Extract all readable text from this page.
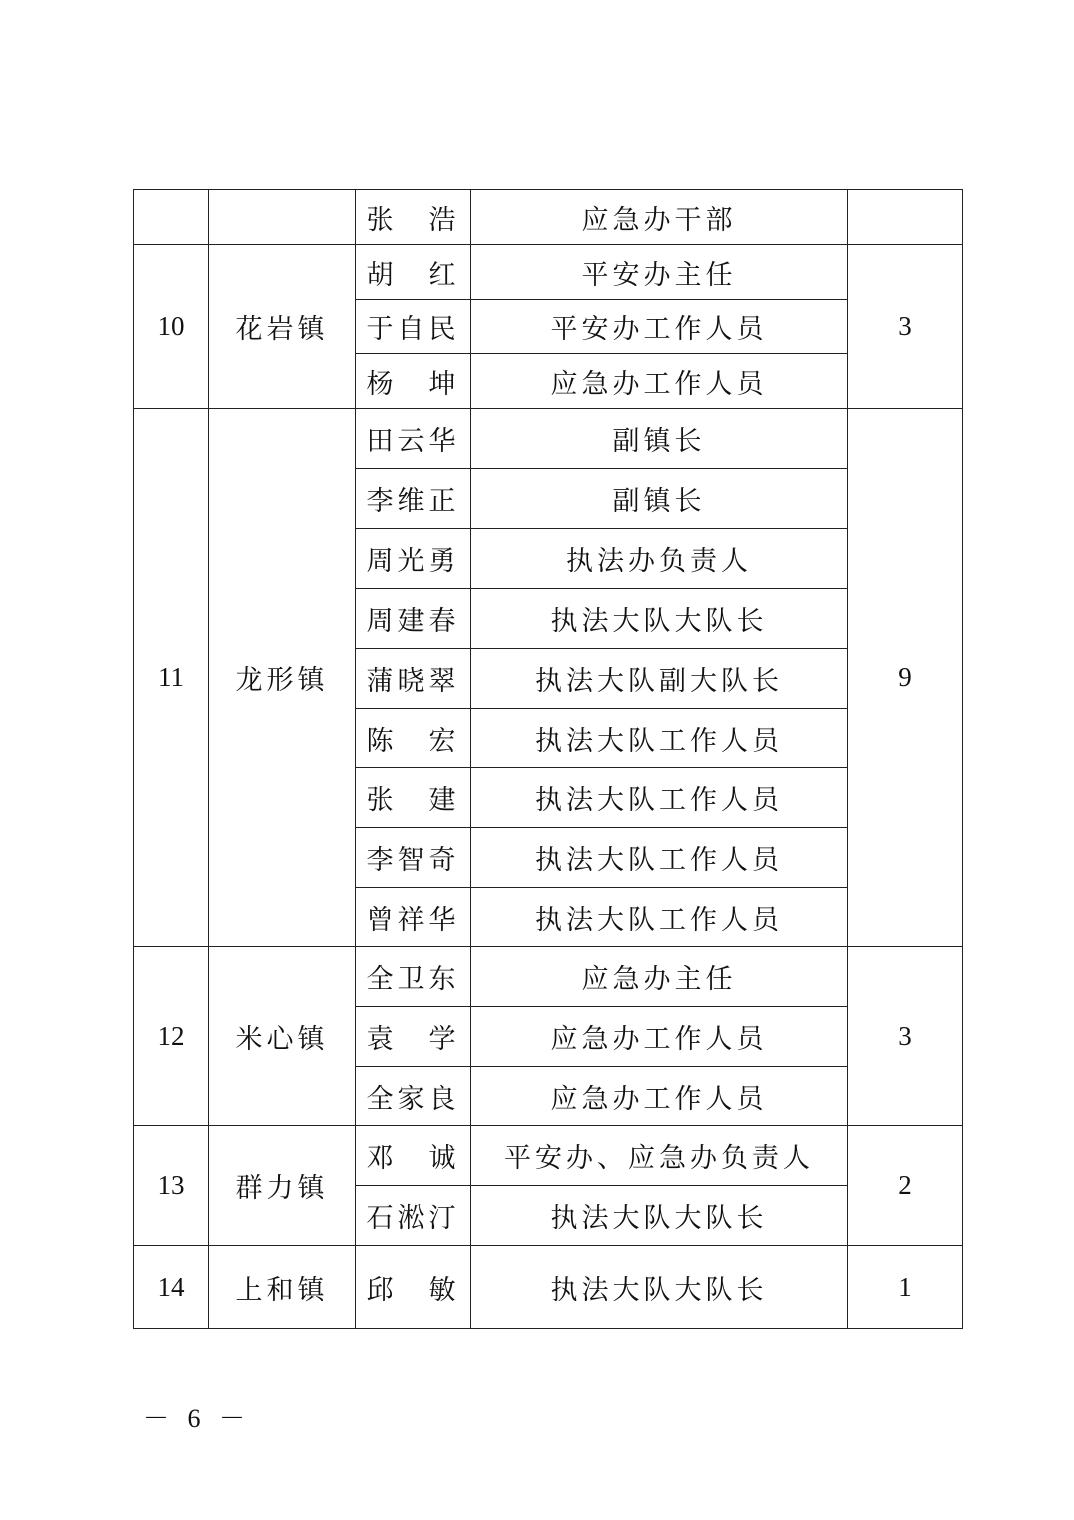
		张　浩	应急办干部	
10	花岩镇	胡　红	平安办主任	3
		于自民	平安办工作人员	
		杨　坤	应急办工作人员	
11	龙形镇	田云华	副镇长	9
		李维正	副镇长	
		周光勇	执法办负责人	
		周建春	执法大队大队长	
		蒲晓翠	执法大队副大队长	
		陈　宏	执法大队工作人员	
		张　建	执法大队工作人员	
		李智奇	执法大队工作人员	
		曾祥华	执法大队工作人员	
12	米心镇	全卫东	应急办主任	3
		袁　学	应急办工作人员	
		全家良	应急办工作人员	
13	群力镇	邓　诚	平安办、应急办负责人	2
		石淞汀	执法大队大队长	
14	上和镇	邱　敏	执法大队大队长	1
－ 6 －
